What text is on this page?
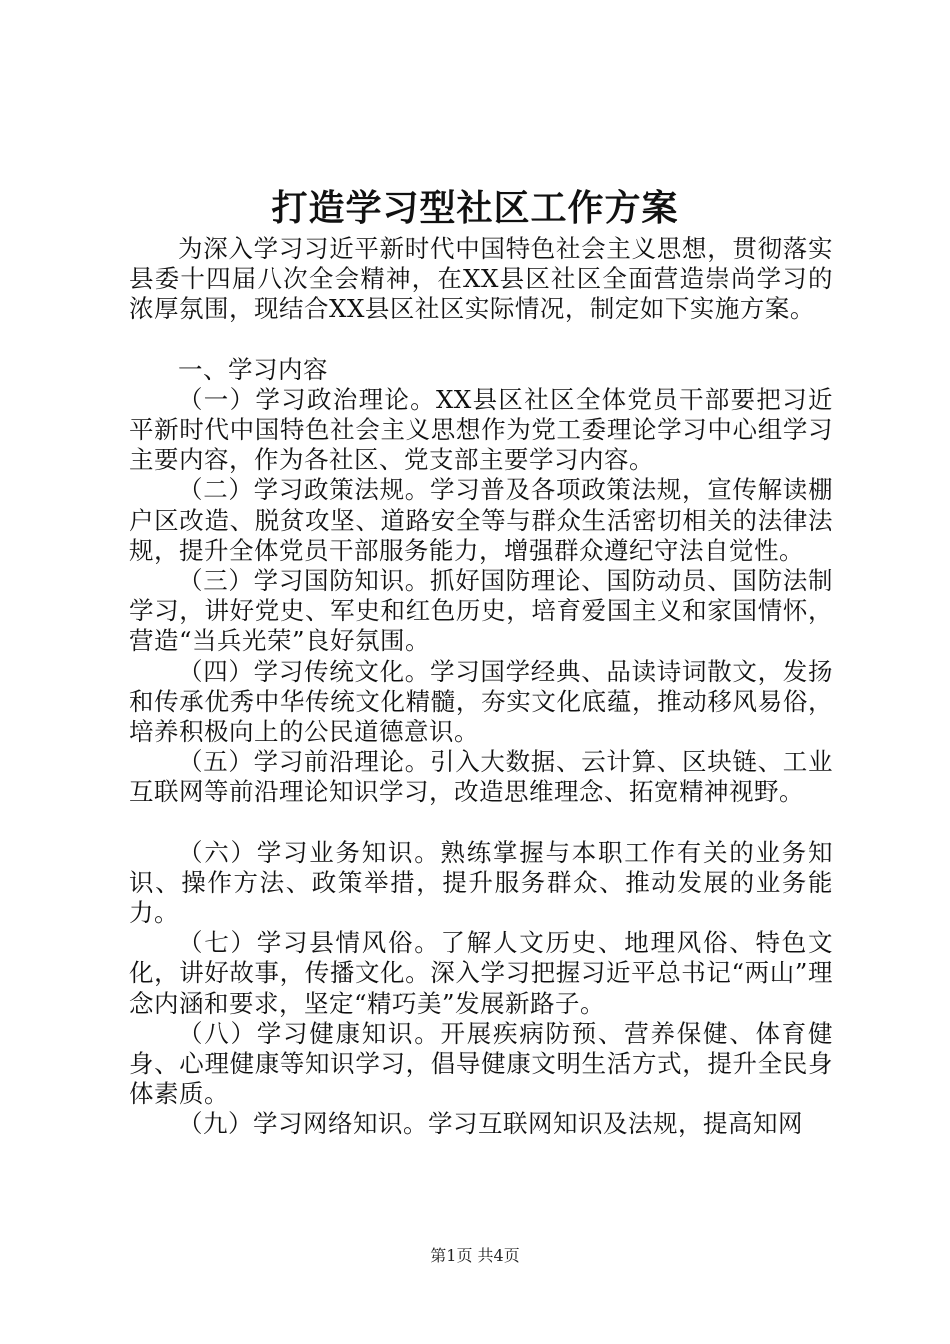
打造学习型社区工作方案

为深入学习习近平新时代中国特色社会主义思想，贯彻落实县委十四届八次全会精神，在XX县区社区全面营造崇尚学习的浓厚氛围，现结合XX县区社区实际情况，制定如下实施方案。

一、学习内容

（一）学习政治理论。XX县区社区全体党员干部要把习近平新时代中国特色社会主义思想作为党工委理论学习中心组学习主要内容，作为各社区、党支部主要学习内容。

（二）学习政策法规。学习普及各项政策法规，宣传解读棚户区改造、脱贫攻坚、道路安全等与群众生活密切相关的法律法规，提升全体党员干部服务能力，增强群众遵纪守法自觉性。

（三）学习国防知识。抓好国防理论、国防动员、国防法制学习，讲好党史、军史和红色历史，培育爱国主义和家国情怀，营造“当兵光荣”良好氛围。

（四）学习传统文化。学习国学经典、品读诗词散文，发扬和传承优秀中华传统文化精髓，夯实文化底蕴，推动移风易俗，培养积极向上的公民道德意识。

（五）学习前沿理论。引入大数据、云计算、区块链、工业互联网等前沿理论知识学习，改造思维理念、拓宽精神视野。

（六）学习业务知识。熟练掌握与本职工作有关的业务知识、操作方法、政策举措，提升服务群众、推动发展的业务能力。

（七）学习县情风俗。了解人文历史、地理风俗、特色文化，讲好故事，传播文化。深入学习把握习近平总书记“两山”理念内涵和要求，坚定“精巧美”发展新路子。

（八）学习健康知识。开展疾病防预、营养保健、体育健身、心理健康等知识学习，倡导健康文明生活方式，提升全民身体素质。

（九）学习网络知识。学习互联网知识及法规，提高知网

第1页 共4页
